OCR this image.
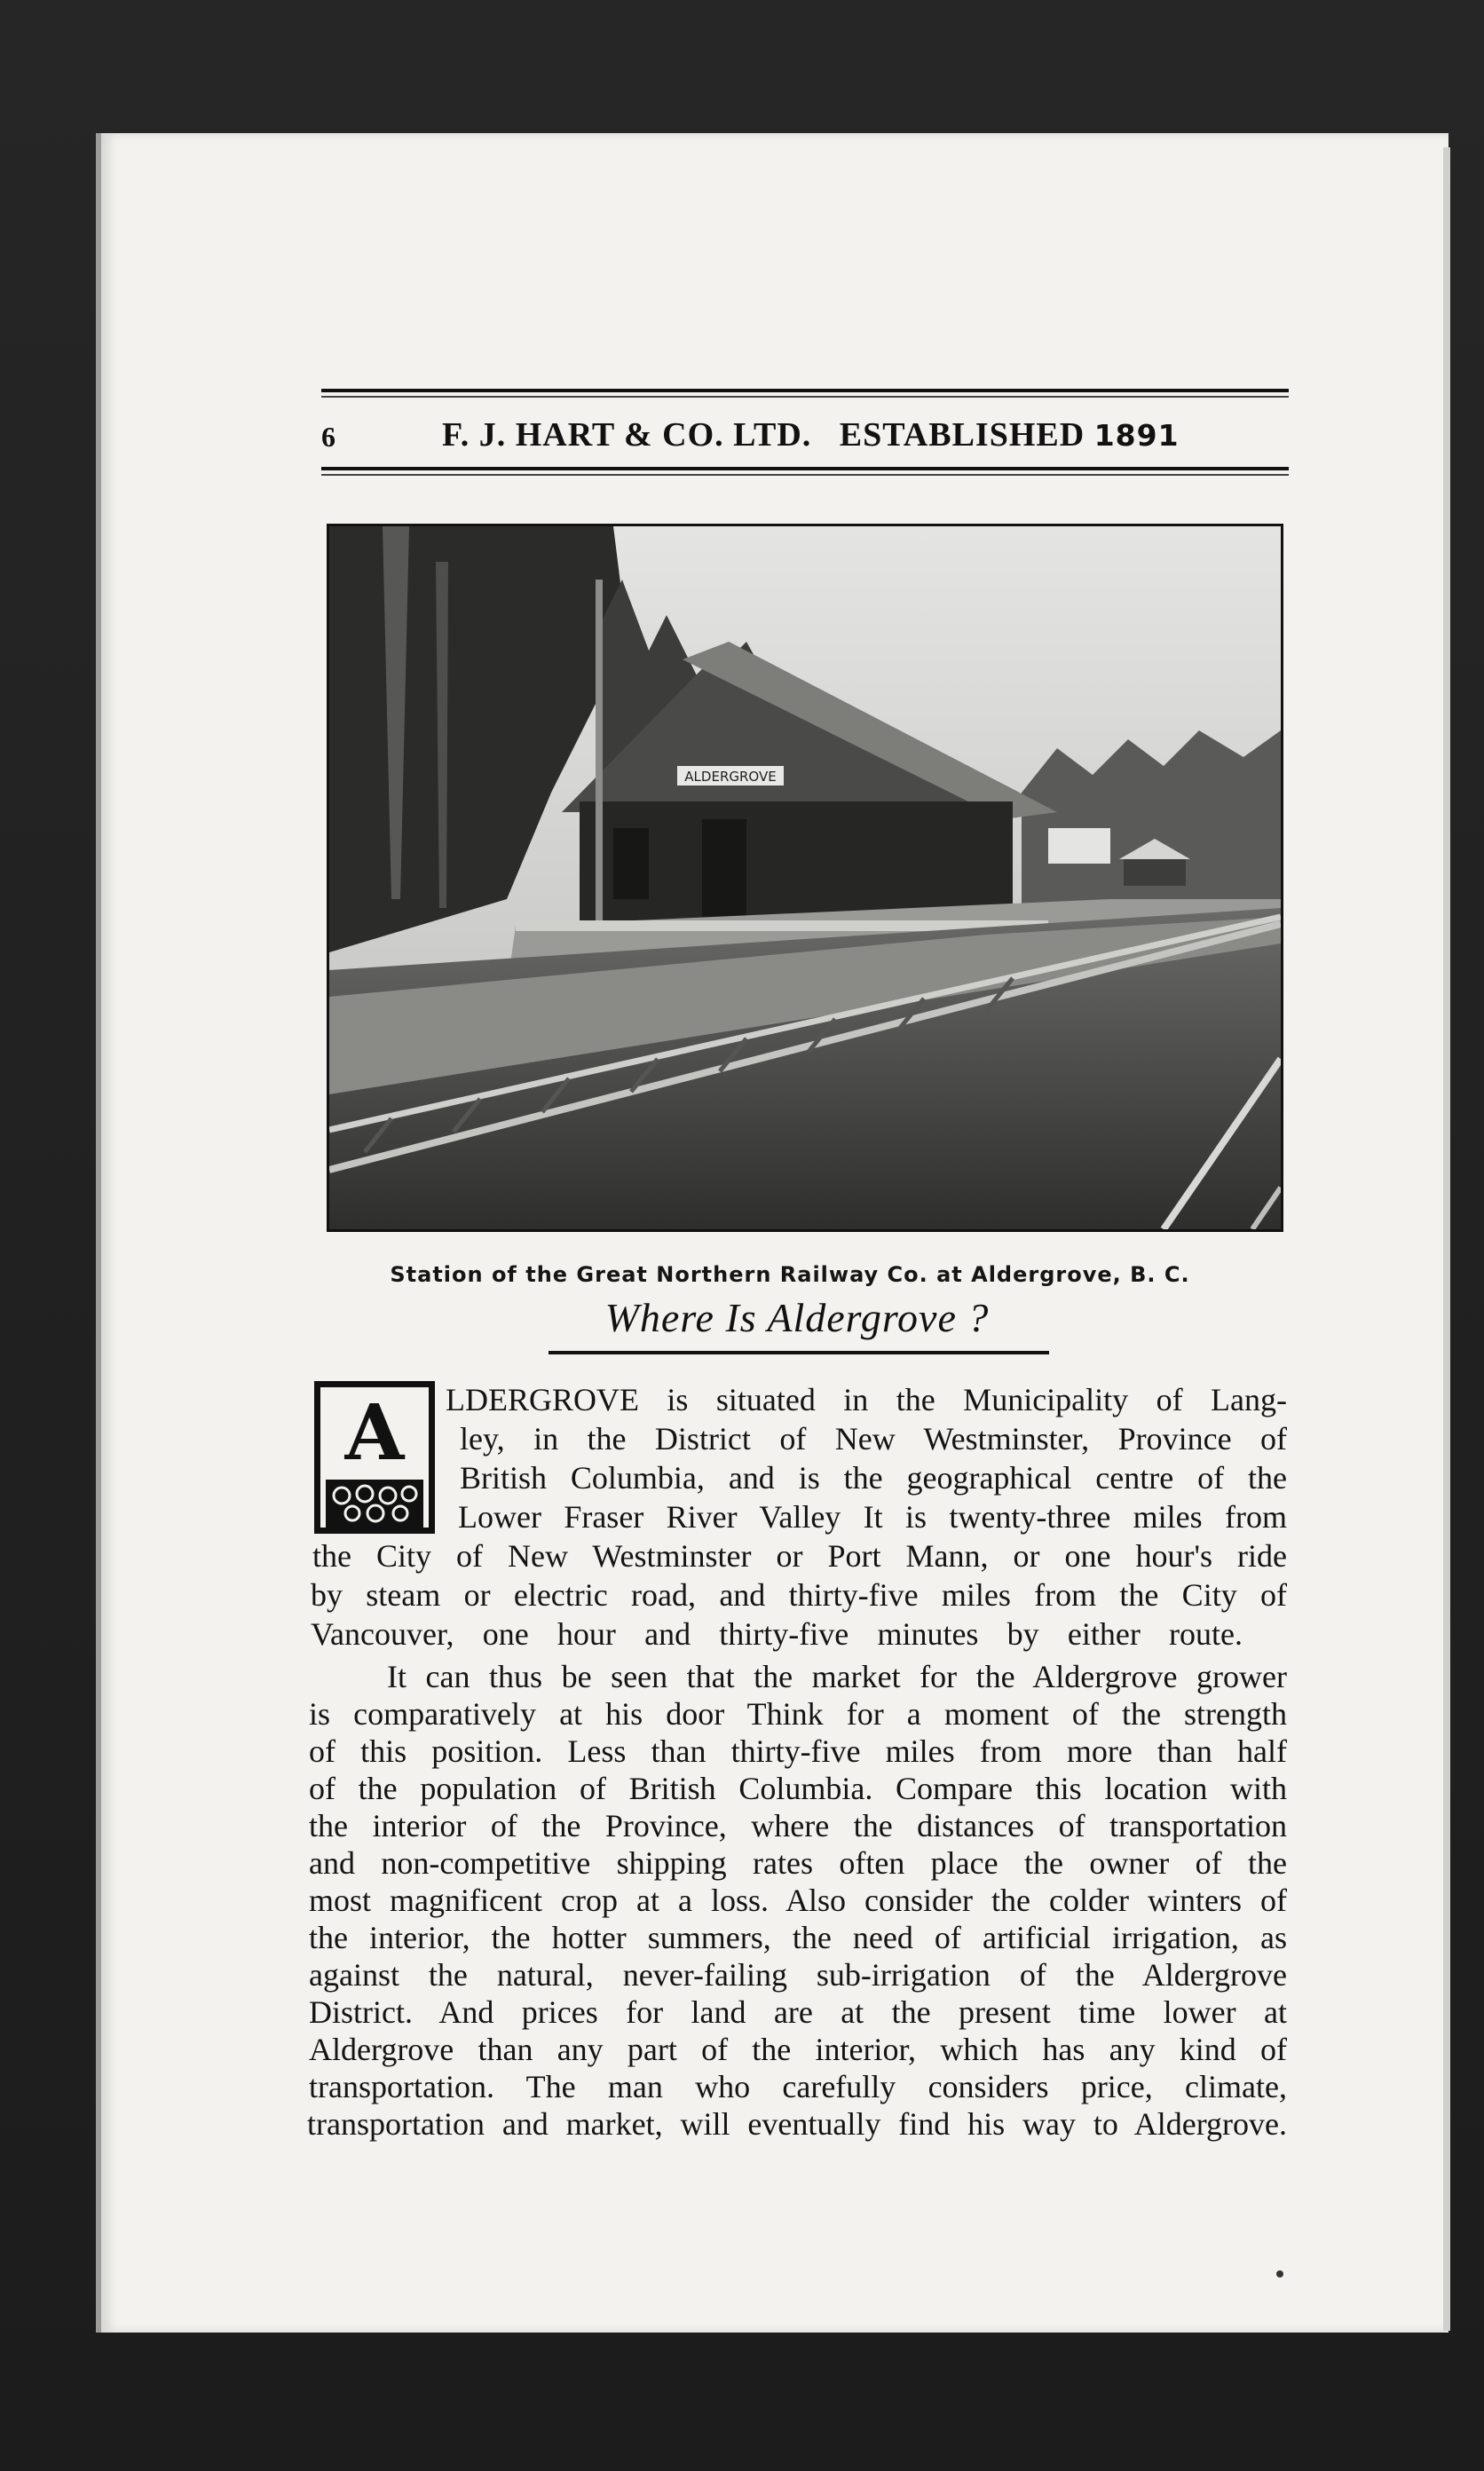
6	F. J. HART & CO. LTD.   ESTABLISHED 1891
ALDERGROVE
Station of the Great Northern Railway Co. at Aldergrove, B. C.
Where Is Aldergrove ?
A	LDERGROVE is situated in the Municipality of Lang-
ley, in the District of New Westminster, Province of
British Columbia, and is the geographical centre of the
Lower Fraser River Valley It is twenty-three miles from
the City of New Westminster or Port Mann, or one hour's ride
by steam or electric road, and thirty-five miles from the City of
Vancouver, one hour and thirty-five minutes by either route.
It can thus be seen that the market for the Aldergrove grower
is comparatively at his door Think for a moment of the strength
of this position. Less than thirty-five miles from more than half
of the population of British Columbia. Compare this location with
the interior of the Province, where the distances of transportation
and non-competitive shipping rates often place the owner of the
most magnificent crop at a loss. Also consider the colder winters of
the interior, the hotter summers, the need of artificial irrigation, as
against the natural, never-failing sub-irrigation of the Aldergrove
District. And prices for land are at the present time lower at
Aldergrove than any part of the interior, which has any kind of
transportation. The man who carefully considers price, climate,
transportation and market, will eventually find his way to Aldergrove.
